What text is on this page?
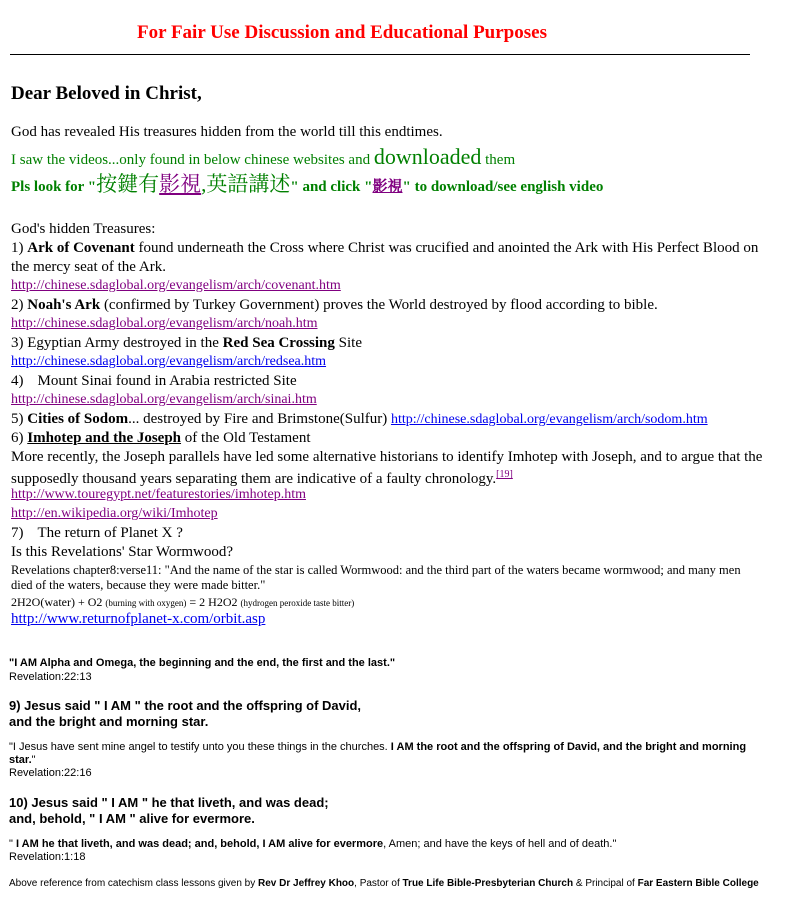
For Fair Use Discussion and Educational Purposes
Dear Beloved in Christ,
God has revealed His treasures hidden from the world till this endtimes.
I saw the videos...only found in below chinese websites and downloaded them
Pls look for "按鍵有影視,英語講述" and click "影視" to download/see english video
God's hidden Treasures:
1) Ark of Covenant found underneath the Cross where Christ was crucified and anointed the Ark with His Perfect Blood on
the mercy seat of the Ark.
http://chinese.sdaglobal.org/evangelism/arch/covenant.htm
2) Noah's Ark (confirmed by Turkey Government) proves the World destroyed by flood according to bible.
http://chinese.sdaglobal.org/evangelism/arch/noah.htm
3) Egyptian Army destroyed in the Red Sea Crossing Site
http://chinese.sdaglobal.org/evangelism/arch/redsea.htm
4) Mount Sinai found in Arabia restricted Site
http://chinese.sdaglobal.org/evangelism/arch/sinai.htm
5) Cities of Sodom... destroyed by Fire and Brimstone(Sulfur) http://chinese.sdaglobal.org/evangelism/arch/sodom.htm
6) Imhotep and the Joseph of the Old Testament
More recently, the Joseph parallels have led some alternative historians to identify Imhotep with Joseph, and to argue that the
supposedly thousand years separating them are indicative of a faulty chronology.[19]
http://www.touregypt.net/featurestories/imhotep.htm
http://en.wikipedia.org/wiki/Imhotep
7) The return of Planet X ?
Is this Revelations' Star Wormwood?
Revelations chapter8:verse11: "And the name of the star is called Wormwood: and the third part of the waters became wormwood; and many men
died of the waters, because they were made bitter."
2H2O(water) + O2 (burning with oxygen) = 2 H2O2 (hydrogen peroxide taste bitter)
http://www.returnofplanet-x.com/orbit.asp
"I AM Alpha and Omega, the beginning and the end, the first and the last."
Revelation:22:13
9) Jesus said " I AM " the root and the offspring of David,
and the bright and morning star.
"I Jesus have sent mine angel to testify unto you these things in the churches. I AM the root and the offspring of David, and the bright and morning
star."
Revelation:22:16
10) Jesus said " I AM " he that liveth, and was dead;
and, behold, " I AM " alive for evermore.
" I AM he that liveth, and was dead; and, behold, I AM alive for evermore, Amen; and have the keys of hell and of death."
Revelation:1:18
Above reference from catechism class lessons given by Rev Dr Jeffrey Khoo, Pastor of True Life Bible-Presbyterian Church & Principal of Far Eastern Bible College
